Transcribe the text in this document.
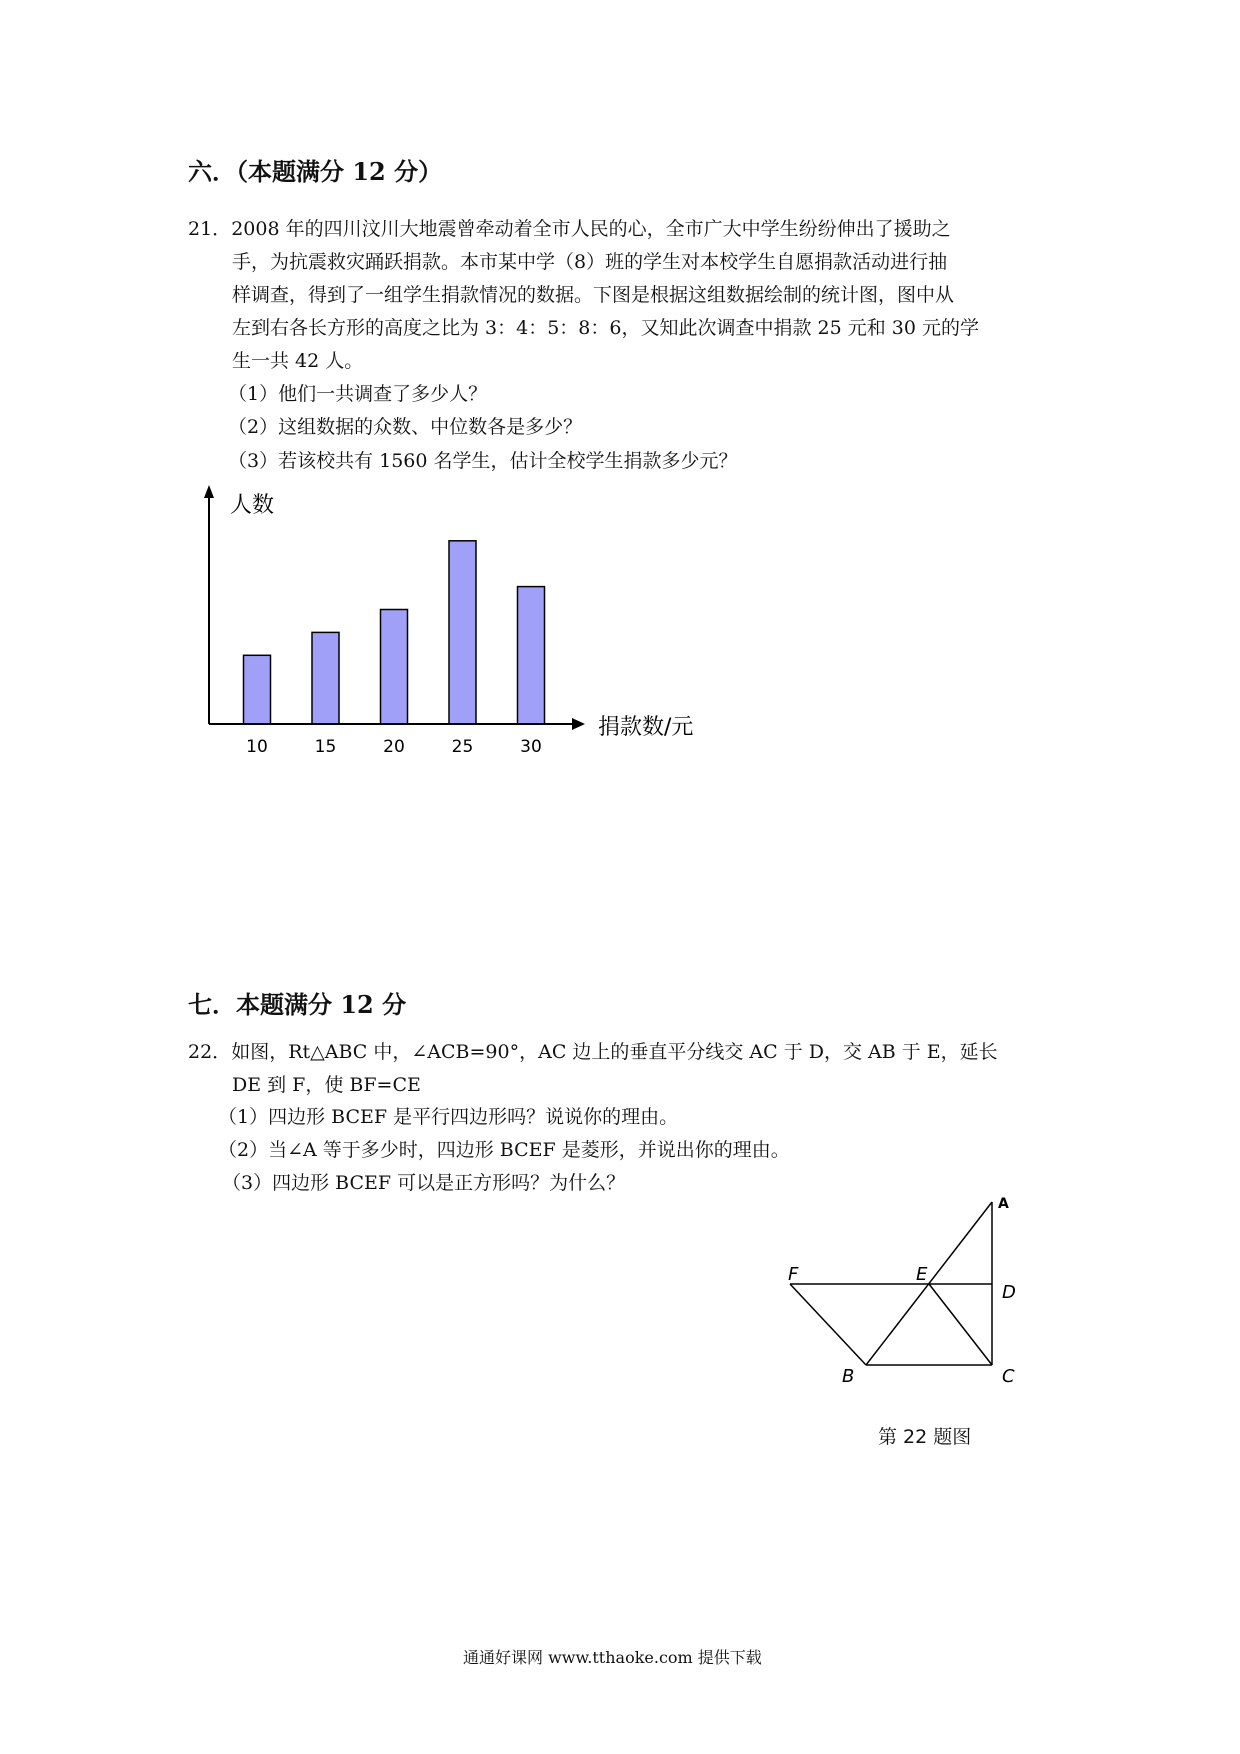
六．（本题满分 12 分）
21．2008 年的四川汶川大地震曾牵动着全市人民的心，全市广大中学生纷纷伸出了援助之
手，为抗震救灾踊跃捐款。本市某中学（8）班的学生对本校学生自愿捐款活动进行抽
样调查，得到了一组学生捐款情况的数据。下图是根据这组数据绘制的统计图，图中从
左到右各长方形的高度之比为 3：4：5：8：6，又知此次调查中捐款 25 元和 30 元的学
生一共 42 人。
（1）他们一共调查了多少人？
（2）这组数据的众数、中位数各是多少？
（3）若该校共有 1560 名学生，估计全校学生捐款多少元？
人数
捐款数/元
10	15	20	25	30
七．本题满分 12 分
22．如图，Rt△ABC 中，∠ACB=90°，AC 边上的垂直平分线交 AC 于 D，交 AB 于 E，延长
DE 到 F，使 BF=CE
（1）四边形 BCEF 是平行四边形吗？说说你的理由。
（2）当∠A 等于多少时，四边形 BCEF 是菱形，并说出你的理由。
（3）四边形 BCEF 可以是正方形吗？为什么？
A
D
E
F
B	C
第 22 题图
通通好课网 www.tthaoke.com 提供下载
